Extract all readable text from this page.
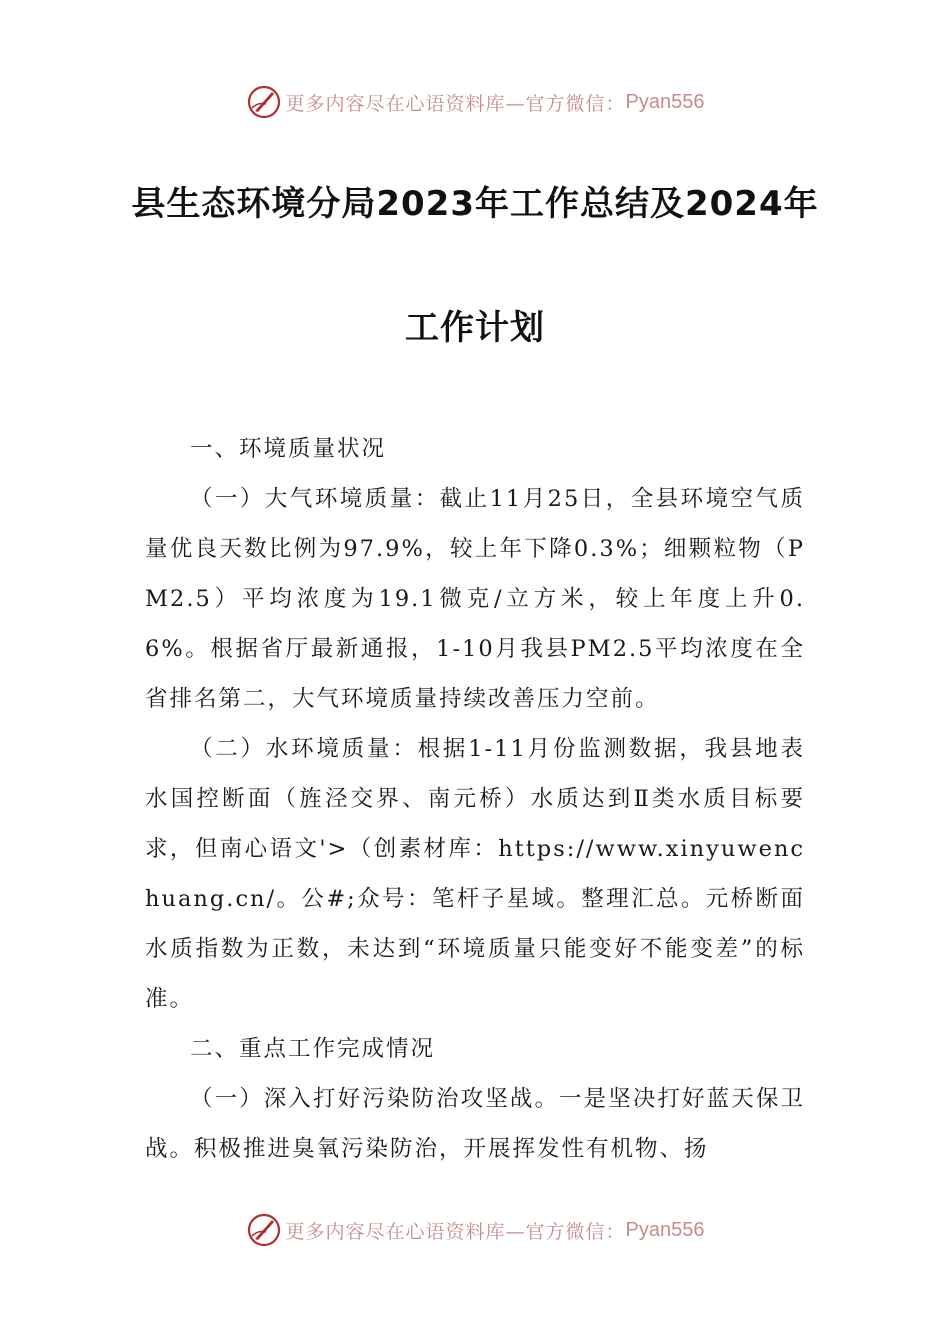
更多内容尽在心语资料库—官方微信： Pyan556
县生态环境分局2023年工作总结及2024年
工作计划

一、环境质量状况

（一）大气环境质量：截止11月25日，全县环境空气质量优良天数比例为97.9%，较上年下降0.3%；细颗粒物（PM2.5）平均浓度为19.1微克/立方米，较上年度上升0.6%。根据省厅最新通报，1-10月我县PM2.5平均浓度在全省排名第二，大气环境质量持续改善压力空前。

（二）水环境质量：根据1-11月份监测数据，我县地表水国控断面（旌泾交界、南元桥）水质达到Ⅱ类水质目标要求，但南心语文'>（创素材库：https://www.xinyuwenchuang.cn/。公#;众号：笔杆子星域。整理汇总。元桥断面水质指数为正数，未达到“环境质量只能变好不能变差”的标准。

二、重点工作完成情况

（一）深入打好污染防治攻坚战。一是坚决打好蓝天保卫战。积极推进臭氧污染防治，开展挥发性有机物、扬

更多内容尽在心语资料库—官方微信： Pyan556
